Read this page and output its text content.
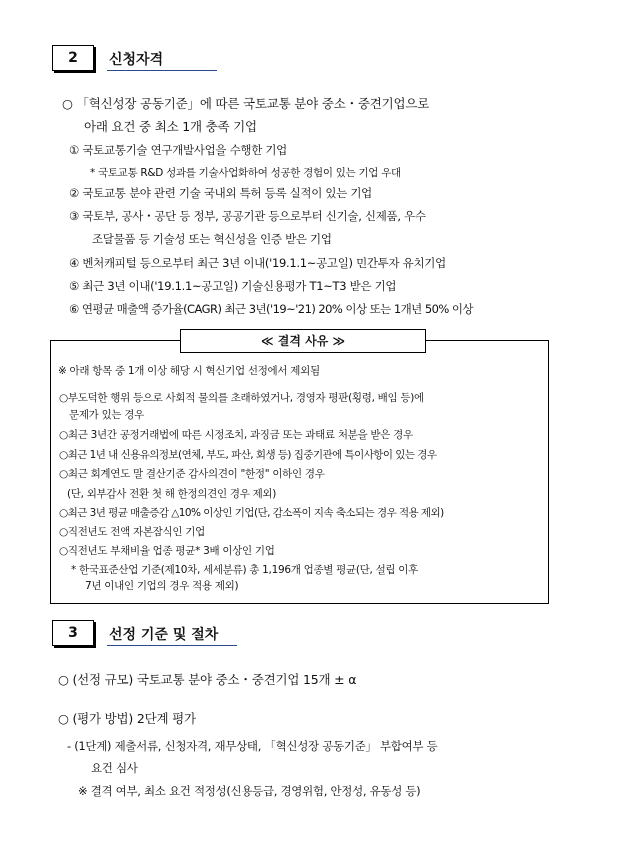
2	신청자격
○ 「혁신성장 공동기준」에 따른 국토교통 분야 중소・중견기업으로
아래 요건 중 최소 1개 충족 기업
① 국토교통기술 연구개발사업을 수행한 기업
* 국토교통 R&D 성과를 기술사업화하여 성공한 경험이 있는 기업 우대
② 국토교통 분야 관련 기술 국내외 특허 등록 실적이 있는 기업
③ 국토부, 공사・공단 등 정부, 공공기관 등으로부터 신기술, 신제품, 우수
조달물품 등 기술성 또는 혁신성을 인증 받은 기업
④ 벤처캐피털 등으로부터 최근 3년 이내('19.1.1~공고일) 민간투자 유치기업
⑤ 최근 3년 이내('19.1.1~공고일) 기술신용평가 T1~T3 받은 기업
⑥ 연평균 매출액 증가율(CAGR) 최근 3년('19~'21) 20% 이상 또는 1개년 50% 이상
≪ 결격 사유 ≫
※ 아래 항목 중 1개 이상 해당 시 혁신기업 선정에서 제외됨
○부도덕한 행위 등으로 사회적 물의를 초래하였거나, 경영자 평판(횡령, 배임 등)에
문제가 있는 경우
○최근 3년간 공정거래법에 따른 시정조치, 과징금 또는 과태료 처분을 받은 경우
○최근 1년 내 신용유의정보(연체, 부도, 파산, 회생 등) 집중기관에 특이사항이 있는 경우
○최근 회계연도 말 결산기준 감사의견이 "한정" 이하인 경우
(단, 외부감사 전환 첫 해 한정의견인 경우 제외)
○최근 3년 평균 매출증감 △10% 이상인 기업(단, 감소폭이 지속 축소되는 경우 적용 제외)
○직전년도 전액 자본잠식인 기업
○직전년도 부채비율 업종 평균* 3배 이상인 기업
* 한국표준산업 기준(제10차, 세세분류) 총 1,196개 업종별 평균(단, 설립 이후
7년 이내인 기업의 경우 적용 제외)
3	선정 기준 및 절차
○ (선정 규모) 국토교통 분야 중소・중견기업 15개 ± α
○ (평가 방법) 2단계 평가
- (1단계) 제출서류, 신청자격, 재무상태, 「혁신성장 공동기준」 부합여부 등
요건 심사
※ 결격 여부, 최소 요건 적정성(신용등급, 경영위험, 안정성, 유동성 등)
